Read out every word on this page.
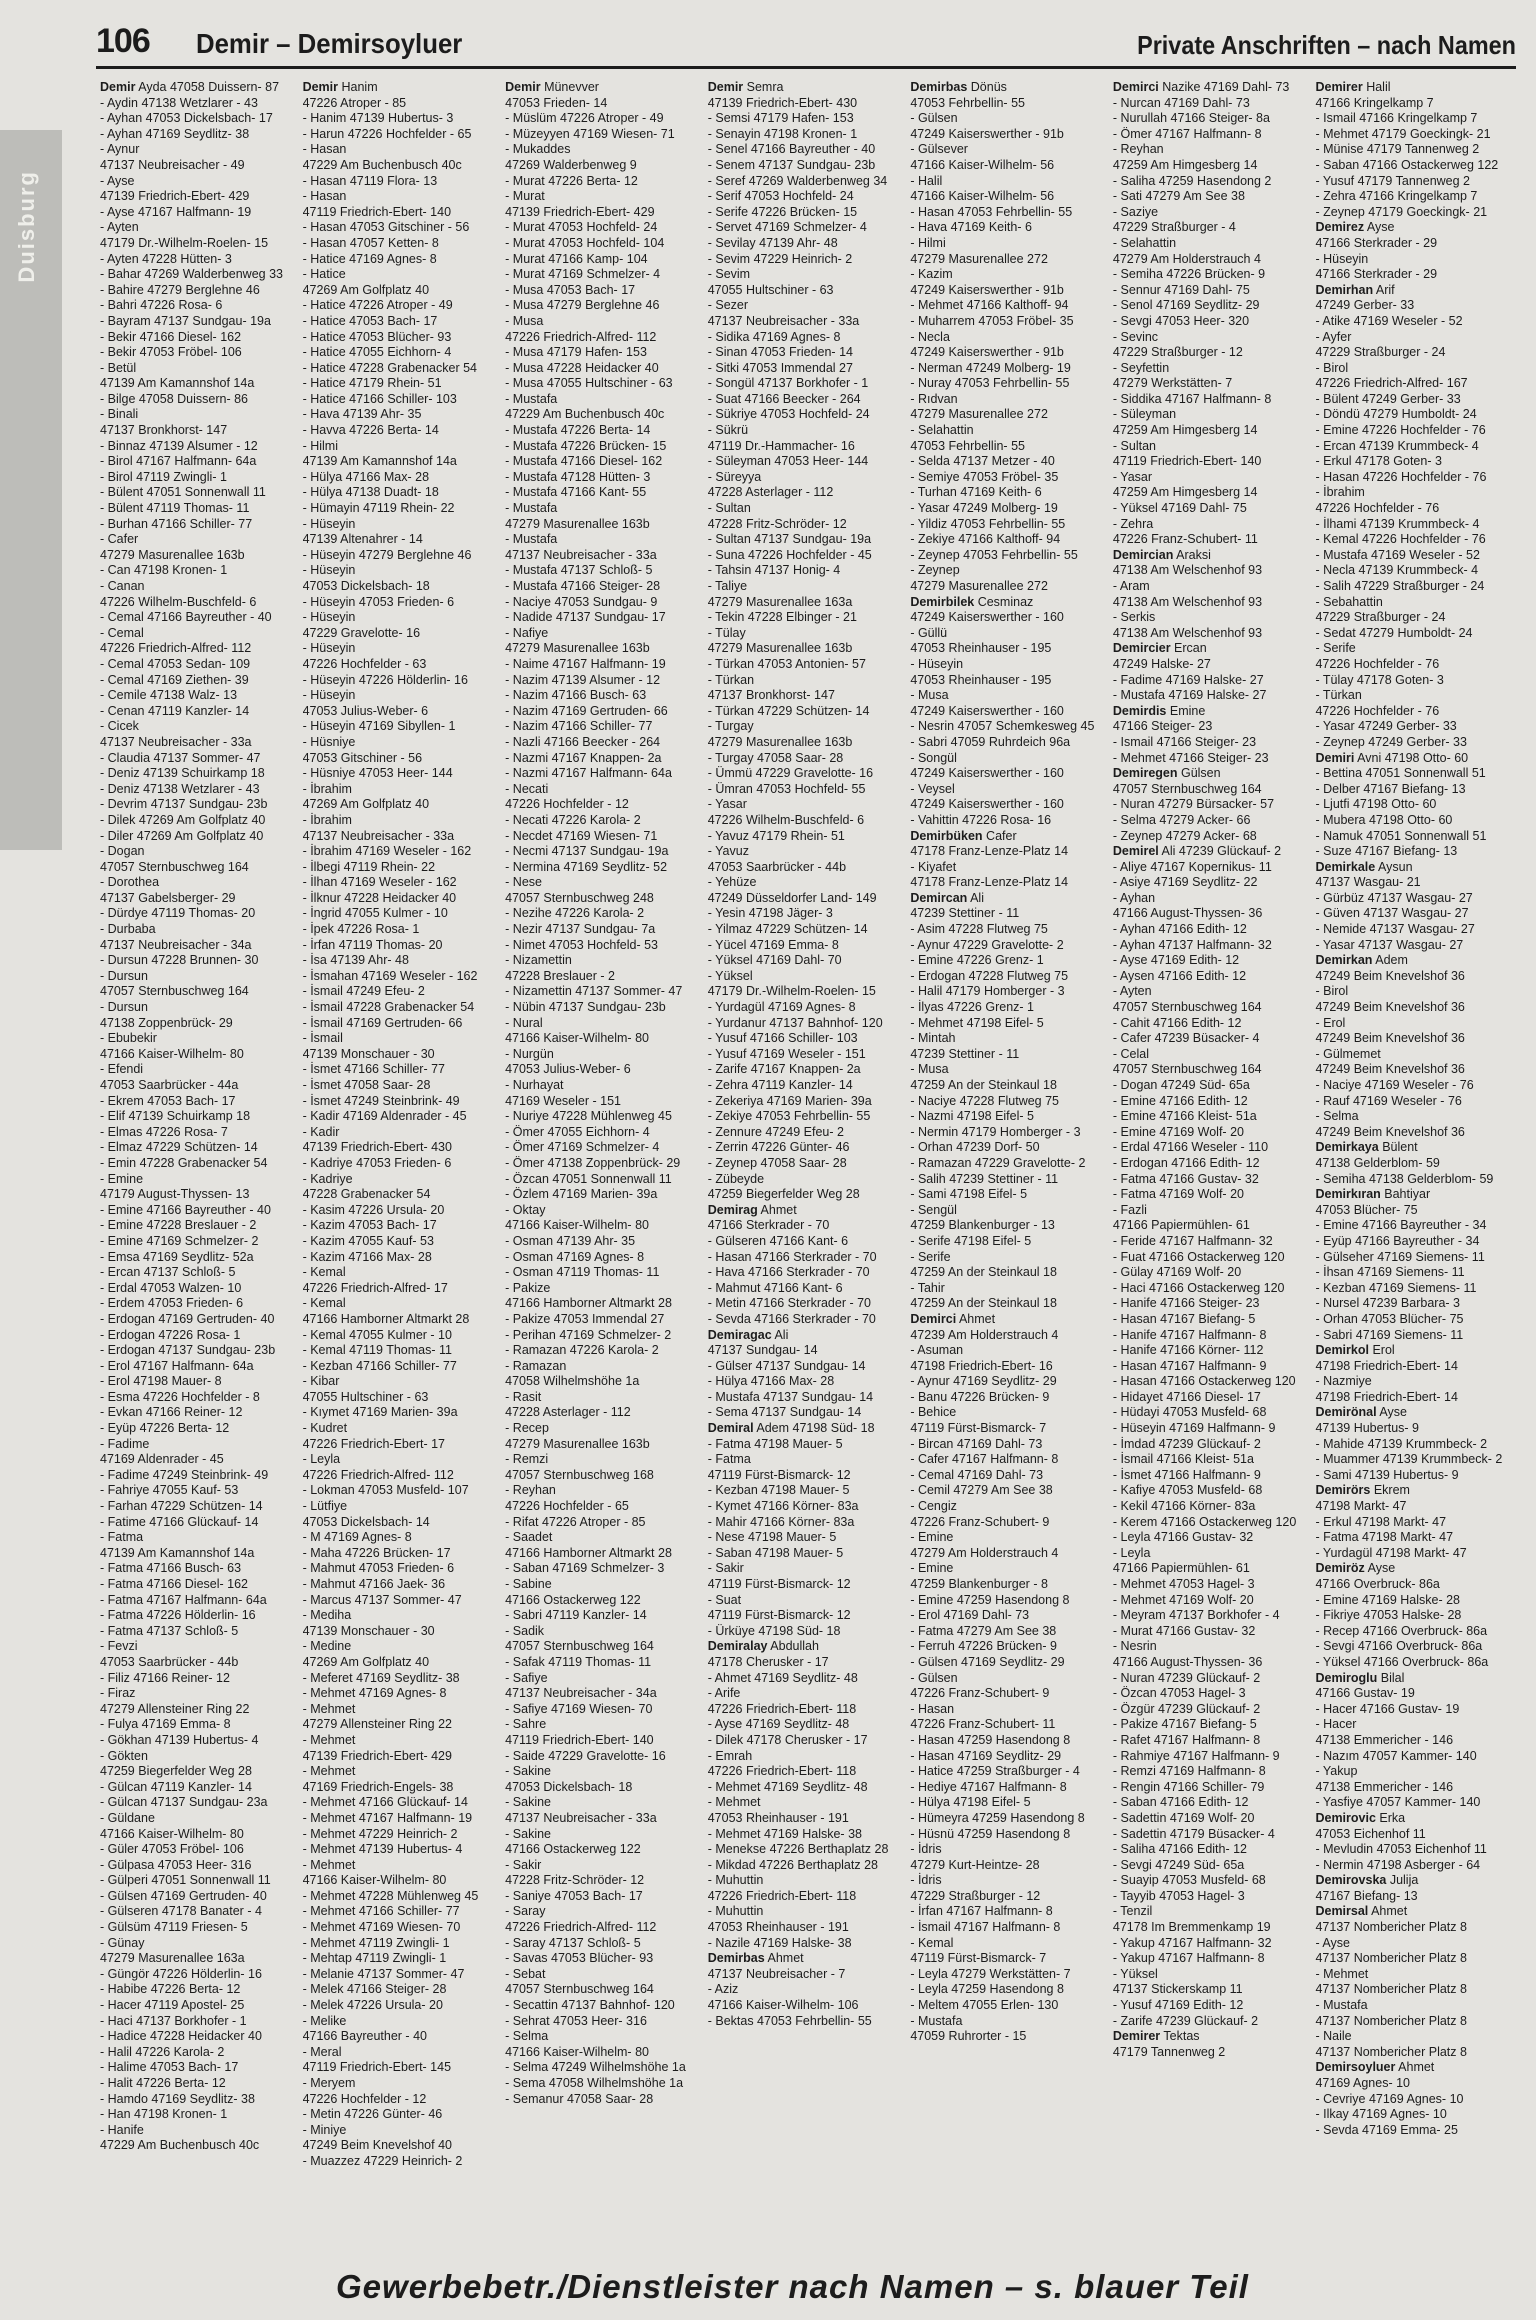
106 Demir – Demirsoyluer	Private Anschriften – nach Namen
Duisburg
Demir Ayda 47058 Duissern- 87
- Aydin 47138 Wetzlarer - 43
- Ayhan 47053 Dickelsbach- 17
- Ayhan 47169 Seydlitz- 38
- Aynur
47137 Neubreisacher - 49
- Ayse
47139 Friedrich-Ebert- 429
- Ayse 47167 Halfmann- 19
- Ayten
47179 Dr.-Wilhelm-Roelen- 15
- Ayten 47228 Hütten- 3
- Bahar 47269 Walderbenweg 33
- Bahire 47279 Berglehne 46
- Bahri 47226 Rosa- 6
- Bayram 47137 Sundgau- 19a
- Bekir 47166 Diesel- 162
- Bekir 47053 Fröbel- 106
- Betül
47139 Am Kamannshof 14a
- Bilge 47058 Duissern- 86
- Binali
47137 Bronkhorst- 147
- Binnaz 47139 Alsumer - 12
- Birol 47167 Halfmann- 64a
- Birol 47119 Zwingli- 1
- Bülent 47051 Sonnenwall 11
- Bülent 47119 Thomas- 11
- Burhan 47166 Schiller- 77
- Cafer
47279 Masurenallee 163b
- Can 47198 Kronen- 1
- Canan
47226 Wilhelm-Buschfeld- 6
- Cemal 47166 Bayreuther - 40
- Cemal
47226 Friedrich-Alfred- 112
- Cemal 47053 Sedan- 109
- Cemal 47169 Ziethen- 39
- Cemile 47138 Walz- 13
- Cenan 47119 Kanzler- 14
- Cicek
47137 Neubreisacher - 33a
- Claudia 47137 Sommer- 47
- Deniz 47139 Schuirkamp 18
- Deniz 47138 Wetzlarer - 43
- Devrim 47137 Sundgau- 23b
- Dilek 47269 Am Golfplatz 40
- Diler 47269 Am Golfplatz 40
- Dogan
47057 Sternbuschweg 164
- Dorothea
47137 Gabelsberger- 29
- Dürdye 47119 Thomas- 20
- Durbaba
47137 Neubreisacher - 34a
- Dursun 47228 Brunnen- 30
- Dursun
47057 Sternbuschweg 164
- Dursun
47138 Zoppenbrück- 29
- Ebubekir
47166 Kaiser-Wilhelm- 80
- Efendi
47053 Saarbrücker - 44a
- Ekrem 47053 Bach- 17
- Elif 47139 Schuirkamp 18
- Elmas 47226 Rosa- 7
- Elmaz 47229 Schützen- 14
- Emin 47228 Grabenacker 54
- Emine
47179 August-Thyssen- 13
- Emine 47166 Bayreuther - 40
- Emine 47228 Breslauer - 2
- Emine 47169 Schmelzer- 2
- Emsa 47169 Seydlitz- 52a
- Ercan 47137 Schloß- 5
- Erdal 47053 Walzen- 10
- Erdem 47053 Frieden- 6
- Erdogan 47169 Gertruden- 40
- Erdogan 47226 Rosa- 1
- Erdogan 47137 Sundgau- 23b
- Erol 47167 Halfmann- 64a
- Erol 47198 Mauer- 8
- Esma 47226 Hochfelder - 8
- Evkan 47166 Reiner- 12
- Eyüp 47226 Berta- 12
- Fadime
47169 Aldenrader - 45
- Fadime 47249 Steinbrink- 49
- Fahriye 47055 Kauf- 53
- Farhan 47229 Schützen- 14
- Fatime 47166 Glückauf- 14
- Fatma
47139 Am Kamannshof 14a
- Fatma 47166 Busch- 63
- Fatma 47166 Diesel- 162
- Fatma 47167 Halfmann- 64a
- Fatma 47226 Hölderlin- 16
- Fatma 47137 Schloß- 5
- Fevzi
47053 Saarbrücker - 44b
- Filiz 47166 Reiner- 12
- Firaz
47279 Allensteiner Ring 22
- Fulya 47169 Emma- 8
- Gökhan 47139 Hubertus- 4
- Gökten
47259 Biegerfelder Weg 28
- Gülcan 47119 Kanzler- 14
- Gülcan 47137 Sundgau- 23a
- Güldane
47166 Kaiser-Wilhelm- 80
- Güler 47053 Fröbel- 106
- Gülpasa 47053 Heer- 316
- Gülperi 47051 Sonnenwall 11
- Gülsen 47169 Gertruden- 40
- Gülseren 47178 Banater - 4
- Gülsüm 47119 Friesen- 5
- Günay
47279 Masurenallee 163a
- Güngör 47226 Hölderlin- 16
- Habibe 47226 Berta- 12
- Hacer 47119 Apostel- 25
- Haci 47137 Borkhofer - 1
- Hadice 47228 Heidacker 40
- Halil 47226 Karola- 2
- Halime 47053 Bach- 17
- Halit 47226 Berta- 12
- Hamdo 47169 Seydlitz- 38
- Han 47198 Kronen- 1
- Hanife
47229 Am Buchenbusch 40c
Demir Hanim
47226 Atroper - 85
- Hanim 47139 Hubertus- 3
- Harun 47226 Hochfelder - 65
- Hasan
47229 Am Buchenbusch 40c
- Hasan 47119 Flora- 13
- Hasan
47119 Friedrich-Ebert- 140
- Hasan 47053 Gitschiner - 56
- Hasan 47057 Ketten- 8
- Hatice 47169 Agnes- 8
- Hatice
47269 Am Golfplatz 40
- Hatice 47226 Atroper - 49
- Hatice 47053 Bach- 17
- Hatice 47053 Blücher- 93
- Hatice 47055 Eichhorn- 4
- Hatice 47228 Grabenacker 54
- Hatice 47179 Rhein- 51
- Hatice 47166 Schiller- 103
- Hava 47139 Ahr- 35
- Havva 47226 Berta- 14
- Hilmi
47139 Am Kamannshof 14a
- Hülya 47166 Max- 28
- Hülya 47138 Duadt- 18
- Hümayin 47119 Rhein- 22
- Hüseyin
47139 Altenahrer - 14
- Hüseyin 47279 Berglehne 46
- Hüseyin
47053 Dickelsbach- 18
- Hüseyin 47053 Frieden- 6
- Hüseyin
47229 Gravelotte- 16
- Hüseyin
47226 Hochfelder - 63
- Hüseyin 47226 Hölderlin- 16
- Hüseyin
47053 Julius-Weber- 6
- Hüseyin 47169 Sibyllen- 1
- Hüsniye
47053 Gitschiner - 56
- Hüsniye 47053 Heer- 144
- İbrahim
47269 Am Golfplatz 40
- İbrahim
47137 Neubreisacher - 33a
- İbrahim 47169 Weseler - 162
- İlbegi 47119 Rhein- 22
- İlhan 47169 Weseler - 162
- İlknur 47228 Heidacker 40
- İngrid 47055 Kulmer - 10
- İpek 47226 Rosa- 1
- İrfan 47119 Thomas- 20
- İsa 47139 Ahr- 48
- İsmahan 47169 Weseler - 162
- İsmail 47249 Efeu- 2
- İsmail 47228 Grabenacker 54
- İsmail 47169 Gertruden- 66
- İsmail
47139 Monschauer - 30
- İsmet 47166 Schiller- 77
- İsmet 47058 Saar- 28
- İsmet 47249 Steinbrink- 49
- Kadir 47169 Aldenrader - 45
- Kadir
47139 Friedrich-Ebert- 430
- Kadriye 47053 Frieden- 6
- Kadriye
47228 Grabenacker 54
- Kasim 47226 Ursula- 20
- Kazim 47053 Bach- 17
- Kazim 47055 Kauf- 53
- Kazim 47166 Max- 28
- Kemal
47226 Friedrich-Alfred- 17
- Kemal
47166 Hamborner Altmarkt 28
- Kemal 47055 Kulmer - 10
- Kemal 47119 Thomas- 11
- Kezban 47166 Schiller- 77
- Kibar
47055 Hultschiner - 63
- Kıymet 47169 Marien- 39a
- Kudret
47226 Friedrich-Ebert- 17
- Leyla
47226 Friedrich-Alfred- 112
- Lokman 47053 Musfeld- 107
- Lütfiye
47053 Dickelsbach- 14
- M 47169 Agnes- 8
- Maha 47226 Brücken- 17
- Mahmut 47053 Frieden- 6
- Mahmut 47166 Jaek- 36
- Marcus 47137 Sommer- 47
- Mediha
47139 Monschauer - 30
- Medine
47269 Am Golfplatz 40
- Meferet 47169 Seydlitz- 38
- Mehmet 47169 Agnes- 8
- Mehmet
47279 Allensteiner Ring 22
- Mehmet
47139 Friedrich-Ebert- 429
- Mehmet
47169 Friedrich-Engels- 38
- Mehmet 47166 Glückauf- 14
- Mehmet 47167 Halfmann- 19
- Mehmet 47229 Heinrich- 2
- Mehmet 47139 Hubertus- 4
- Mehmet
47166 Kaiser-Wilhelm- 80
- Mehmet 47228 Mühlenweg 45
- Mehmet 47166 Schiller- 77
- Mehmet 47169 Wiesen- 70
- Mehmet 47119 Zwingli- 1
- Mehtap 47119 Zwingli- 1
- Melanie 47137 Sommer- 47
- Melek 47166 Steiger- 28
- Melek 47226 Ursula- 20
- Melike
47166 Bayreuther - 40
- Meral
47119 Friedrich-Ebert- 145
- Meryem
47226 Hochfelder - 12
- Metin 47226 Günter- 46
- Miniye
47249 Beim Knevelshof 40
- Muazzez 47229 Heinrich- 2
Demir Münevver
47053 Frieden- 14
- Müslüm 47226 Atroper - 49
- Müzeyyen 47169 Wiesen- 71
- Mukaddes
47269 Walderbenweg 9
- Murat 47226 Berta- 12
- Murat
47139 Friedrich-Ebert- 429
- Murat 47053 Hochfeld- 24
- Murat 47053 Hochfeld- 104
- Murat 47166 Kamp- 104
- Murat 47169 Schmelzer- 4
- Musa 47053 Bach- 17
- Musa 47279 Berglehne 46
- Musa
47226 Friedrich-Alfred- 112
- Musa 47179 Hafen- 153
- Musa 47228 Heidacker 40
- Musa 47055 Hultschiner - 63
- Mustafa
47229 Am Buchenbusch 40c
- Mustafa 47226 Berta- 14
- Mustafa 47226 Brücken- 15
- Mustafa 47166 Diesel- 162
- Mustafa 47128 Hütten- 3
- Mustafa 47166 Kant- 55
- Mustafa
47279 Masurenallee 163b
- Mustafa
47137 Neubreisacher - 33a
- Mustafa 47137 Schloß- 5
- Mustafa 47166 Steiger- 28
- Naciye 47053 Sundgau- 9
- Nadide 47137 Sundgau- 17
- Nafiye
47279 Masurenallee 163b
- Naime 47167 Halfmann- 19
- Nazim 47139 Alsumer - 12
- Nazim 47166 Busch- 63
- Nazim 47169 Gertruden- 66
- Nazim 47166 Schiller- 77
- Nazli 47166 Beecker - 264
- Nazmi 47167 Knappen- 2a
- Nazmi 47167 Halfmann- 64a
- Necati
47226 Hochfelder - 12
- Necati 47226 Karola- 2
- Necdet 47169 Wiesen- 71
- Necmi 47137 Sundgau- 19a
- Nermina 47169 Seydlitz- 52
- Nese
47057 Sternbuschweg 248
- Nezihe 47226 Karola- 2
- Nezir 47137 Sundgau- 7a
- Nimet 47053 Hochfeld- 53
- Nizamettin
47228 Breslauer - 2
- Nizamettin 47137 Sommer- 47
- Nübin 47137 Sundgau- 23b
- Nural
47166 Kaiser-Wilhelm- 80
- Nurgün
47053 Julius-Weber- 6
- Nurhayat
47169 Weseler - 151
- Nuriye 47228 Mühlenweg 45
- Ömer 47055 Eichhorn- 4
- Ömer 47169 Schmelzer- 4
- Ömer 47138 Zoppenbrück- 29
- Özcan 47051 Sonnenwall 11
- Özlem 47169 Marien- 39a
- Oktay
47166 Kaiser-Wilhelm- 80
- Osman 47139 Ahr- 35
- Osman 47169 Agnes- 8
- Osman 47119 Thomas- 11
- Pakize
47166 Hamborner Altmarkt 28
- Pakize 47053 Immendal 27
- Perihan 47169 Schmelzer- 2
- Ramazan 47226 Karola- 2
- Ramazan
47058 Wilhelmshöhe 1a
- Rasit
47228 Asterlager - 112
- Recep
47279 Masurenallee 163b
- Remzi
47057 Sternbuschweg 168
- Reyhan
47226 Hochfelder - 65
- Rifat 47226 Atroper - 85
- Saadet
47166 Hamborner Altmarkt 28
- Saban 47169 Schmelzer- 3
- Sabine
47166 Ostackerweg 122
- Sabri 47119 Kanzler- 14
- Sadik
47057 Sternbuschweg 164
- Safak 47119 Thomas- 11
- Safiye
47137 Neubreisacher - 34a
- Safiye 47169 Wiesen- 70
- Sahre
47119 Friedrich-Ebert- 140
- Saide 47229 Gravelotte- 16
- Sakine
47053 Dickelsbach- 18
- Sakine
47137 Neubreisacher - 33a
- Sakine
47166 Ostackerweg 122
- Sakir
47228 Fritz-Schröder- 12
- Saniye 47053 Bach- 17
- Saray
47226 Friedrich-Alfred- 112
- Saray 47137 Schloß- 5
- Savas 47053 Blücher- 93
- Sebat
47057 Sternbuschweg 164
- Secattin 47137 Bahnhof- 120
- Sehrat 47053 Heer- 316
- Selma
47166 Kaiser-Wilhelm- 80
- Selma 47249 Wilhelmshöhe 1a
- Sema 47058 Wilhelmshöhe 1a
- Semanur 47058 Saar- 28
Demir Semra
47139 Friedrich-Ebert- 430
- Semsi 47179 Hafen- 153
- Senayin 47198 Kronen- 1
- Senel 47166 Bayreuther - 40
- Senem 47137 Sundgau- 23b
- Seref 47269 Walderbenweg 34
- Serif 47053 Hochfeld- 24
- Serife 47226 Brücken- 15
- Servet 47169 Schmelzer- 4
- Sevilay 47139 Ahr- 48
- Sevim 47229 Heinrich- 2
- Sevim
47055 Hultschiner - 63
- Sezer
47137 Neubreisacher - 33a
- Sidika 47169 Agnes- 8
- Sinan 47053 Frieden- 14
- Sitki 47053 Immendal 27
- Songül 47137 Borkhofer - 1
- Suat 47166 Beecker - 264
- Sükriye 47053 Hochfeld- 24
- Sükrü
47119 Dr.-Hammacher- 16
- Süleyman 47053 Heer- 144
- Süreyya
47228 Asterlager - 112
- Sultan
47228 Fritz-Schröder- 12
- Sultan 47137 Sundgau- 19a
- Suna 47226 Hochfelder - 45
- Tahsin 47137 Honig- 4
- Taliye
47279 Masurenallee 163a
- Tekin 47228 Elbinger - 21
- Tülay
47279 Masurenallee 163b
- Türkan 47053 Antonien- 57
- Türkan
47137 Bronkhorst- 147
- Türkan 47229 Schützen- 14
- Turgay
47279 Masurenallee 163b
- Turgay 47058 Saar- 28
- Ümmü 47229 Gravelotte- 16
- Ümran 47053 Hochfeld- 55
- Yasar
47226 Wilhelm-Buschfeld- 6
- Yavuz 47179 Rhein- 51
- Yavuz
47053 Saarbrücker - 44b
- Yehüze
47249 Düsseldorfer Land- 149
- Yesin 47198 Jäger- 3
- Yilmaz 47229 Schützen- 14
- Yücel 47169 Emma- 8
- Yüksel 47169 Dahl- 70
- Yüksel
47179 Dr.-Wilhelm-Roelen- 15
- Yurdagül 47169 Agnes- 8
- Yurdanur 47137 Bahnhof- 120
- Yusuf 47166 Schiller- 103
- Yusuf 47169 Weseler - 151
- Zarife 47167 Knappen- 2a
- Zehra 47119 Kanzler- 14
- Zekeriya 47169 Marien- 39a
- Zekiye 47053 Fehrbellin- 55
- Zennure 47249 Efeu- 2
- Zerrin 47226 Günter- 46
- Zeynep 47058 Saar- 28
- Zübeyde
47259 Biegerfelder Weg 28
Demirag Ahmet
47166 Sterkrader - 70
- Gülseren 47166 Kant- 6
- Hasan 47166 Sterkrader - 70
- Hava 47166 Sterkrader - 70
- Mahmut 47166 Kant- 6
- Metin 47166 Sterkrader - 70
- Sevda 47166 Sterkrader - 70
Demiragac Ali
47137 Sundgau- 14
- Gülser 47137 Sundgau- 14
- Hülya 47166 Max- 28
- Mustafa 47137 Sundgau- 14
- Sema 47137 Sundgau- 14
Demiral Adem 47198 Süd- 18
- Fatma 47198 Mauer- 5
- Fatma
47119 Fürst-Bismarck- 12
- Kezban 47198 Mauer- 5
- Kymet 47166 Körner- 83a
- Mahir 47166 Körner- 83a
- Nese 47198 Mauer- 5
- Saban 47198 Mauer- 5
- Sakir
47119 Fürst-Bismarck- 12
- Suat
47119 Fürst-Bismarck- 12
- Ürküye 47198 Süd- 18
Demiralay Abdullah
47178 Cherusker - 17
- Ahmet 47169 Seydlitz- 48
- Arife
47226 Friedrich-Ebert- 118
- Ayse 47169 Seydlitz- 48
- Dilek 47178 Cherusker - 17
- Emrah
47226 Friedrich-Ebert- 118
- Mehmet 47169 Seydlitz- 48
- Mehmet
47053 Rheinhauser - 191
- Mehmet 47169 Halske- 38
- Menekse 47226 Berthaplatz 28
- Mikdad 47226 Berthaplatz 28
- Muhuttin
47226 Friedrich-Ebert- 118
- Muhuttin
47053 Rheinhauser - 191
- Nazile 47169 Halske- 38
Demirbas Ahmet
47137 Neubreisacher - 7
- Aziz
47166 Kaiser-Wilhelm- 106
- Bektas 47053 Fehrbellin- 55
Demirbas Dönüs
47053 Fehrbellin- 55
- Gülsen
47249 Kaiserswerther - 91b
- Gülsever
47166 Kaiser-Wilhelm- 56
- Halil
47166 Kaiser-Wilhelm- 56
- Hasan 47053 Fehrbellin- 55
- Hava 47169 Keith- 6
- Hilmi
47279 Masurenallee 272
- Kazim
47249 Kaiserswerther - 91b
- Mehmet 47166 Kalthoff- 94
- Muharrem 47053 Fröbel- 35
- Necla
47249 Kaiserswerther - 91b
- Nerman 47249 Molberg- 19
- Nuray 47053 Fehrbellin- 55
- Rıdvan
47279 Masurenallee 272
- Selahattin
47053 Fehrbellin- 55
- Selda 47137 Metzer - 40
- Semiye 47053 Fröbel- 35
- Turhan 47169 Keith- 6
- Yasar 47249 Molberg- 19
- Yildiz 47053 Fehrbellin- 55
- Zekiye 47166 Kalthoff- 94
- Zeynep 47053 Fehrbellin- 55
- Zeynep
47279 Masurenallee 272
Demirbilek Cesminaz
47249 Kaiserswerther - 160
- Güllü
47053 Rheinhauser - 195
- Hüseyin
47053 Rheinhauser - 195
- Musa
47249 Kaiserswerther - 160
- Nesrin 47057 Schemkesweg 45
- Sabri 47059 Ruhrdeich 96a
- Songül
47249 Kaiserswerther - 160
- Veysel
47249 Kaiserswerther - 160
- Vahittin 47226 Rosa- 16
Demirbüken Cafer
47178 Franz-Lenze-Platz 14
- Kiyafet
47178 Franz-Lenze-Platz 14
Demircan Ali
47239 Stettiner - 11
- Asim 47228 Flutweg 75
- Aynur 47229 Gravelotte- 2
- Emine 47226 Grenz- 1
- Erdogan 47228 Flutweg 75
- Halil 47179 Homberger - 3
- İlyas 47226 Grenz- 1
- Mehmet 47198 Eifel- 5
- Mintah
47239 Stettiner - 11
- Musa
47259 An der Steinkaul 18
- Naciye 47228 Flutweg 75
- Nazmi 47198 Eifel- 5
- Nermin 47179 Homberger - 3
- Orhan 47239 Dorf- 50
- Ramazan 47229 Gravelotte- 2
- Salih 47239 Stettiner - 11
- Sami 47198 Eifel- 5
- Sengül
47259 Blankenburger - 13
- Serife 47198 Eifel- 5
- Serife
47259 An der Steinkaul 18
- Tahir
47259 An der Steinkaul 18
Demirci Ahmet
47239 Am Holderstrauch 4
- Asuman
47198 Friedrich-Ebert- 16
- Aynur 47169 Seydlitz- 29
- Banu 47226 Brücken- 9
- Behice
47119 Fürst-Bismarck- 7
- Bircan 47169 Dahl- 73
- Cafer 47167 Halfmann- 8
- Cemal 47169 Dahl- 73
- Cemil 47279 Am See 38
- Cengiz
47226 Franz-Schubert- 9
- Emine
47279 Am Holderstrauch 4
- Emine
47259 Blankenburger - 8
- Emine 47259 Hasendong 8
- Erol 47169 Dahl- 73
- Fatma 47279 Am See 38
- Ferruh 47226 Brücken- 9
- Gülsen 47169 Seydlitz- 29
- Gülsen
47226 Franz-Schubert- 9
- Hasan
47226 Franz-Schubert- 11
- Hasan 47259 Hasendong 8
- Hasan 47169 Seydlitz- 29
- Hatice 47259 Straßburger - 4
- Hediye 47167 Halfmann- 8
- Hülya 47198 Eifel- 5
- Hümeyra 47259 Hasendong 8
- Hüsnü 47259 Hasendong 8
- İdris
47279 Kurt-Heintze- 28
- İdris
47229 Straßburger - 12
- İrfan 47167 Halfmann- 8
- İsmail 47167 Halfmann- 8
- Kemal
47119 Fürst-Bismarck- 7
- Leyla 47279 Werkstätten- 7
- Leyla 47259 Hasendong 8
- Meltem 47055 Erlen- 130
- Mustafa
47059 Ruhrorter - 15
Demirci Nazike 47169 Dahl- 73
- Nurcan 47169 Dahl- 73
- Nurullah 47166 Steiger- 8a
- Ömer 47167 Halfmann- 8
- Reyhan
47259 Am Himgesberg 14
- Saliha 47259 Hasendong 2
- Sati 47279 Am See 38
- Saziye
47229 Straßburger - 4
- Selahattin
47279 Am Holderstrauch 4
- Semiha 47226 Brücken- 9
- Sennur 47169 Dahl- 75
- Senol 47169 Seydlitz- 29
- Sevgi 47053 Heer- 320
- Sevinc
47229 Straßburger - 12
- Seyfettin
47279 Werkstätten- 7
- Siddika 47167 Halfmann- 8
- Süleyman
47259 Am Himgesberg 14
- Sultan
47119 Friedrich-Ebert- 140
- Yasar
47259 Am Himgesberg 14
- Yüksel 47169 Dahl- 75
- Zehra
47226 Franz-Schubert- 11
Demircian Araksi
47138 Am Welschenhof 93
- Aram
47138 Am Welschenhof 93
- Serkis
47138 Am Welschenhof 93
Demircier Ercan
47249 Halske- 27
- Fadime 47169 Halske- 27
- Mustafa 47169 Halske- 27
Demirdis Emine
47166 Steiger- 23
- Ismail 47166 Steiger- 23
- Mehmet 47166 Steiger- 23
Demiregen Gülsen
47057 Sternbuschweg 164
- Nuran 47279 Bürsacker- 57
- Selma 47279 Acker- 66
- Zeynep 47279 Acker- 68
Demirel Ali 47239 Glückauf- 2
- Aliye 47167 Kopernikus- 11
- Asiye 47169 Seydlitz- 22
- Ayhan
47166 August-Thyssen- 36
- Ayhan 47166 Edith- 12
- Ayhan 47137 Halfmann- 32
- Ayse 47169 Edith- 12
- Aysen 47166 Edith- 12
- Ayten
47057 Sternbuschweg 164
- Cahit 47166 Edith- 12
- Cafer 47239 Büsacker- 4
- Celal
47057 Sternbuschweg 164
- Dogan 47249 Süd- 65a
- Emine 47166 Edith- 12
- Emine 47166 Kleist- 51a
- Emine 47169 Wolf- 20
- Erdal 47166 Weseler - 110
- Erdogan 47166 Edith- 12
- Fatma 47166 Gustav- 32
- Fatma 47169 Wolf- 20
- Fazli
47166 Papiermühlen- 61
- Feride 47167 Halfmann- 32
- Fuat 47166 Ostackerweg 120
- Gülay 47169 Wolf- 20
- Haci 47166 Ostackerweg 120
- Hanife 47166 Steiger- 23
- Hasan 47167 Biefang- 5
- Hanife 47167 Halfmann- 8
- Hanife 47166 Körner- 112
- Hasan 47167 Halfmann- 9
- Hasan 47166 Ostackerweg 120
- Hidayet 47166 Diesel- 17
- Hüdayi 47053 Musfeld- 68
- Hüseyin 47169 Halfmann- 9
- İmdad 47239 Glückauf- 2
- İsmail 47166 Kleist- 51a
- İsmet 47166 Halfmann- 9
- Kafiye 47053 Musfeld- 68
- Kekil 47166 Körner- 83a
- Kerem 47166 Ostackerweg 120
- Leyla 47166 Gustav- 32
- Leyla
47166 Papiermühlen- 61
- Mehmet 47053 Hagel- 3
- Mehmet 47169 Wolf- 20
- Meyram 47137 Borkhofer - 4
- Murat 47166 Gustav- 32
- Nesrin
47166 August-Thyssen- 36
- Nuran 47239 Glückauf- 2
- Özcan 47053 Hagel- 3
- Özgür 47239 Glückauf- 2
- Pakize 47167 Biefang- 5
- Rafet 47167 Halfmann- 8
- Rahmiye 47167 Halfmann- 9
- Remzi 47169 Halfmann- 8
- Rengin 47166 Schiller- 79
- Saban 47166 Edith- 12
- Sadettin 47169 Wolf- 20
- Sadettin 47179 Büsacker- 4
- Saliha 47166 Edith- 12
- Sevgi 47249 Süd- 65a
- Suayip 47053 Musfeld- 68
- Tayyib 47053 Hagel- 3
- Tenzil
47178 Im Bremmenkamp 19
- Yakup 47167 Halfmann- 32
- Yakup 47167 Halfmann- 8
- Yüksel
47137 Stickerskamp 11
- Yusuf 47169 Edith- 12
- Zarife 47239 Glückauf- 2
Demirer Tektas
47179 Tannenweg 2
Demirer Halil
47166 Kringelkamp 7
- Ismail 47166 Kringelkamp 7
- Mehmet 47179 Goeckingk- 21
- Münise 47179 Tannenweg 2
- Saban 47166 Ostackerweg 122
- Yusuf 47179 Tannenweg 2
- Zehra 47166 Kringelkamp 7
- Zeynep 47179 Goeckingk- 21
Demirez Ayse
47166 Sterkrader - 29
- Hüseyin
47166 Sterkrader - 29
Demirhan Arif
47249 Gerber- 33
- Atike 47169 Weseler - 52
- Ayfer
47229 Straßburger - 24
- Birol
47226 Friedrich-Alfred- 167
- Bülent 47249 Gerber- 33
- Döndü 47279 Humboldt- 24
- Emine 47226 Hochfelder - 76
- Ercan 47139 Krummbeck- 4
- Erkul 47178 Goten- 3
- Hasan 47226 Hochfelder - 76
- İbrahim
47226 Hochfelder - 76
- İlhami 47139 Krummbeck- 4
- Kemal 47226 Hochfelder - 76
- Mustafa 47169 Weseler - 52
- Necla 47139 Krummbeck- 4
- Salih 47229 Straßburger - 24
- Sebahattin
47229 Straßburger - 24
- Sedat 47279 Humboldt- 24
- Serife
47226 Hochfelder - 76
- Tülay 47178 Goten- 3
- Türkan
47226 Hochfelder - 76
- Yasar 47249 Gerber- 33
- Zeynep 47249 Gerber- 33
Demiri Avni 47198 Otto- 60
- Bettina 47051 Sonnenwall 51
- Delber 47167 Biefang- 13
- Ljutfi 47198 Otto- 60
- Mubera 47198 Otto- 60
- Namuk 47051 Sonnenwall 51
- Suze 47167 Biefang- 13
Demirkale Aysun
47137 Wasgau- 21
- Gürbüz 47137 Wasgau- 27
- Güven 47137 Wasgau- 27
- Nemide 47137 Wasgau- 27
- Yasar 47137 Wasgau- 27
Demirkan Adem
47249 Beim Knevelshof 36
- Birol
47249 Beim Knevelshof 36
- Erol
47249 Beim Knevelshof 36
- Gülmemet
47249 Beim Knevelshof 36
- Naciye 47169 Weseler - 76
- Rauf 47169 Weseler - 76
- Selma
47249 Beim Knevelshof 36
Demirkaya Bülent
47138 Gelderblom- 59
- Semiha 47138 Gelderblom- 59
Demirkıran Bahtiyar
47053 Blücher- 75
- Emine 47166 Bayreuther - 34
- Eyüp 47166 Bayreuther - 34
- Gülseher 47169 Siemens- 11
- İhsan 47169 Siemens- 11
- Kezban 47169 Siemens- 11
- Nursel 47239 Barbara- 3
- Orhan 47053 Blücher- 75
- Sabri 47169 Siemens- 11
Demirkol Erol
47198 Friedrich-Ebert- 14
- Nazmiye
47198 Friedrich-Ebert- 14
Demirönal Ayse
47139 Hubertus- 9
- Mahide 47139 Krummbeck- 2
- Muammer 47139 Krummbeck- 2
- Sami 47139 Hubertus- 9
Demirörs Ekrem
47198 Markt- 47
- Erkul 47198 Markt- 47
- Fatma 47198 Markt- 47
- Yurdagül 47198 Markt- 47
Demiröz Ayse
47166 Overbruck- 86a
- Emine 47169 Halske- 28
- Fikriye 47053 Halske- 28
- Recep 47166 Overbruck- 86a
- Sevgi 47166 Overbruck- 86a
- Yüksel 47166 Overbruck- 86a
Demiroglu Bilal
47166 Gustav- 19
- Hacer 47166 Gustav- 19
- Hacer
47138 Emmericher - 146
- Nazım 47057 Kammer- 140
- Yakup
47138 Emmericher - 146
- Yasfiye 47057 Kammer- 140
Demirovic Erka
47053 Eichenhof 11
- Mevludin 47053 Eichenhof 11
- Nermin 47198 Asberger - 64
Demirovska Julija
47167 Biefang- 13
Demirsal Ahmet
47137 Nombericher Platz 8
- Ayse
47137 Nombericher Platz 8
- Mehmet
47137 Nombericher Platz 8
- Mustafa
47137 Nombericher Platz 8
- Naile
47137 Nombericher Platz 8
Demirsoyluer Ahmet
47169 Agnes- 10
- Cevriye 47169 Agnes- 10
- Ilkay 47169 Agnes- 10
- Sevda 47169 Emma- 25
Gewerbebetr./Dienstleister nach Namen – s. blauer Teil
